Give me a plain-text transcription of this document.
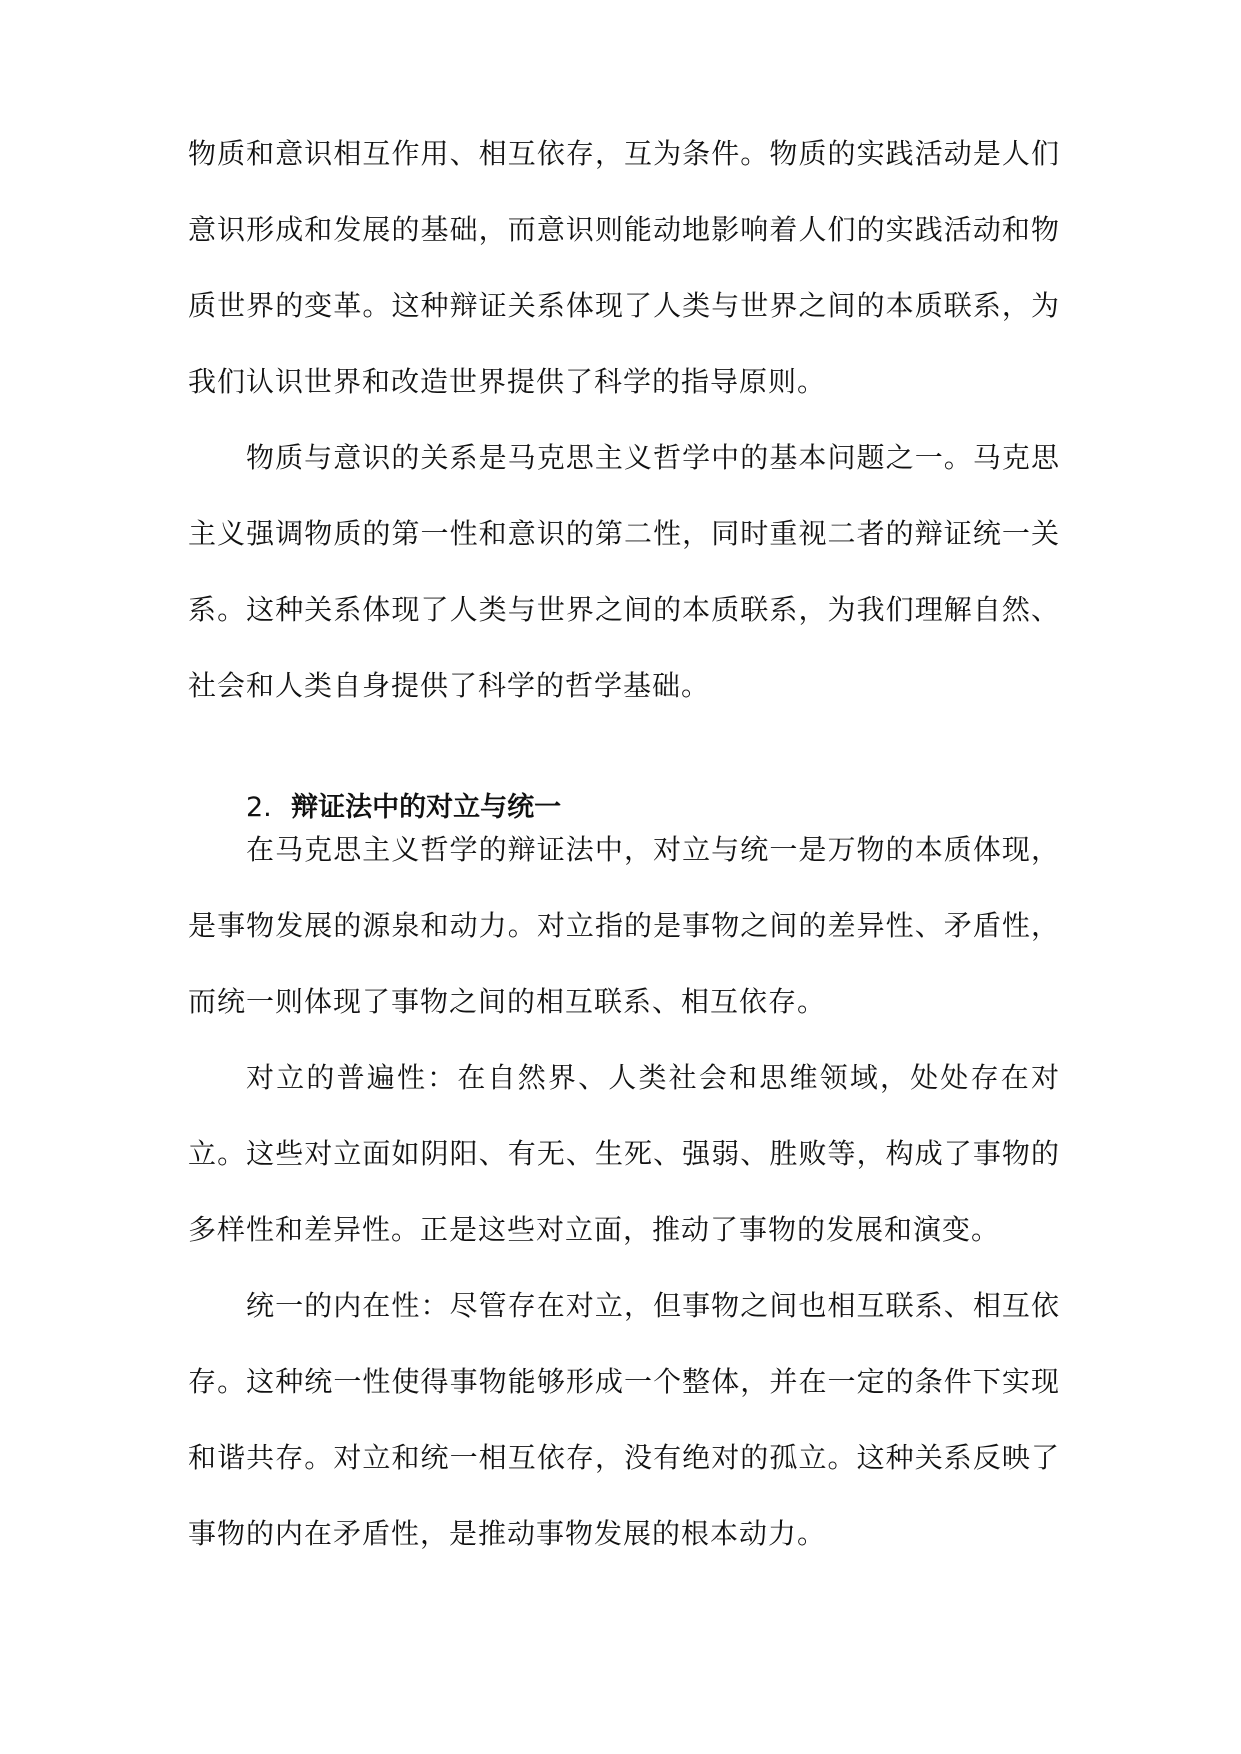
物质和意识相互作用、相互依存，互为条件。物质的实践活动是人们意识形成和发展的基础，而意识则能动地影响着人们的实践活动和物质世界的变革。这种辩证关系体现了人类与世界之间的本质联系，为我们认识世界和改造世界提供了科学的指导原则。

物质与意识的关系是马克思主义哲学中的基本问题之一。马克思主义强调物质的第一性和意识的第二性，同时重视二者的辩证统一关系。这种关系体现了人类与世界之间的本质联系，为我们理解自然、社会和人类自身提供了科学的哲学基础。

2. 辩证法中的对立与统一

在马克思主义哲学的辩证法中，对立与统一是万物的本质体现，是事物发展的源泉和动力。对立指的是事物之间的差异性、矛盾性，而统一则体现了事物之间的相互联系、相互依存。

对立的普遍性：在自然界、人类社会和思维领域，处处存在对立。这些对立面如阴阳、有无、生死、强弱、胜败等，构成了事物的多样性和差异性。正是这些对立面，推动了事物的发展和演变。

统一的内在性：尽管存在对立，但事物之间也相互联系、相互依存。这种统一性使得事物能够形成一个整体，并在一定的条件下实现和谐共存。对立和统一相互依存，没有绝对的孤立。这种关系反映了事物的内在矛盾性，是推动事物发展的根本动力。
